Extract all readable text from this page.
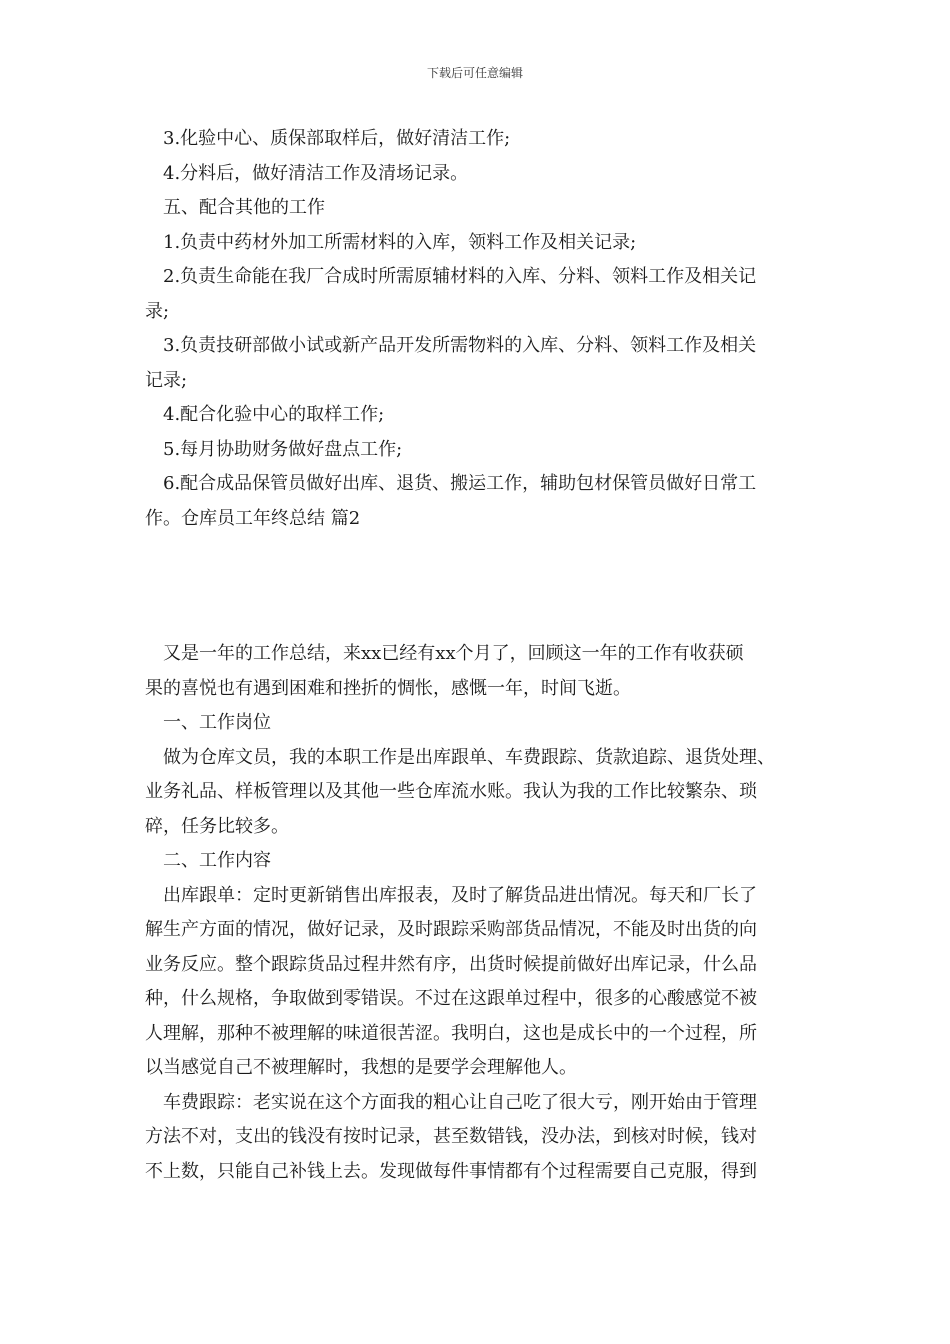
下载后可任意编辑

3.化验中心、质保部取样后，做好清洁工作;

4.分料后，做好清洁工作及清场记录。

五、配合其他的工作

1.负责中药材外加工所需材料的入库，领料工作及相关记录;

2.负责生命能在我厂合成时所需原辅材料的入库、分料、领料工作及相关记

录;

3.负责技研部做小试或新产品开发所需物料的入库、分料、领料工作及相关

记录;

4.配合化验中心的取样工作;

5.每月协助财务做好盘点工作;

6.配合成品保管员做好出库、退货、搬运工作，辅助包材保管员做好日常工

作。仓库员工年终总结 篇2

又是一年的工作总结，来xx已经有xx个月了，回顾这一年的工作有收获硕

果的喜悦也有遇到困难和挫折的惆怅，感慨一年，时间飞逝。

一、工作岗位

做为仓库文员，我的本职工作是出库跟单、车费跟踪、货款追踪、退货处理、

业务礼品、样板管理以及其他一些仓库流水账。我认为我的工作比较繁杂、琐

碎，任务比较多。

二、工作内容

出库跟单：定时更新销售出库报表，及时了解货品进出情况。每天和厂长了

解生产方面的情况，做好记录，及时跟踪采购部货品情况，不能及时出货的向

业务反应。整个跟踪货品过程井然有序，出货时候提前做好出库记录，什么品

种，什么规格，争取做到零错误。不过在这跟单过程中，很多的心酸感觉不被

人理解，那种不被理解的味道很苦涩。我明白，这也是成长中的一个过程，所

以当感觉自己不被理解时，我想的是要学会理解他人。

车费跟踪：老实说在这个方面我的粗心让自己吃了很大亏，刚开始由于管理

方法不对，支出的钱没有按时记录，甚至数错钱，没办法，到核对时候，钱对

不上数，只能自己补钱上去。发现做每件事情都有个过程需要自己克服，得到
